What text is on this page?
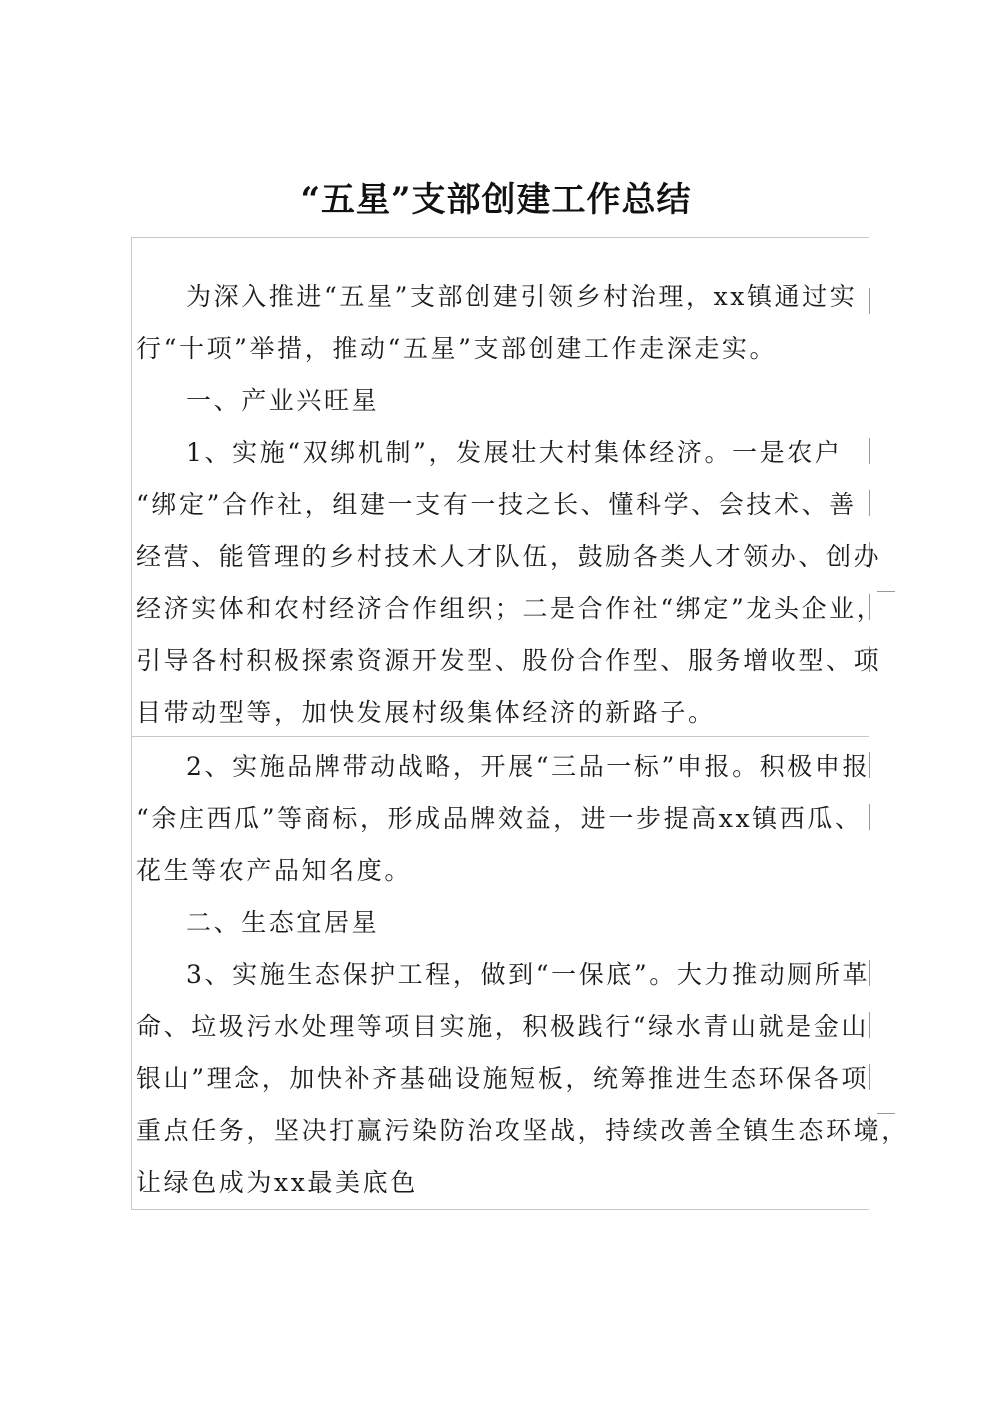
“五星”支部创建工作总结
为深入推进“五星”支部创建引领乡村治理，xx镇通过实
行“十项”举措，推动“五星”支部创建工作走深走实。
一、产业兴旺星
1、实施“双绑机制”，发展壮大村集体经济。一是农户
“绑定”合作社，组建一支有一技之长、懂科学、会技术、善
经营、能管理的乡村技术人才队伍，鼓励各类人才领办、创办
经济实体和农村经济合作组织；二是合作社“绑定”龙头企业，
引导各村积极探索资源开发型、股份合作型、服务增收型、项
目带动型等，加快发展村级集体经济的新路子。
2、实施品牌带动战略，开展“三品一标”申报。积极申报
“余庄西瓜”等商标，形成品牌效益，进一步提高xx镇西瓜、
花生等农产品知名度。
二、生态宜居星
3、实施生态保护工程，做到“一保底”。大力推动厕所革
命、垃圾污水处理等项目实施，积极践行“绿水青山就是金山
银山”理念，加快补齐基础设施短板，统筹推进生态环保各项
重点任务，坚决打赢污染防治攻坚战，持续改善全镇生态环境，
让绿色成为xx最美底色
